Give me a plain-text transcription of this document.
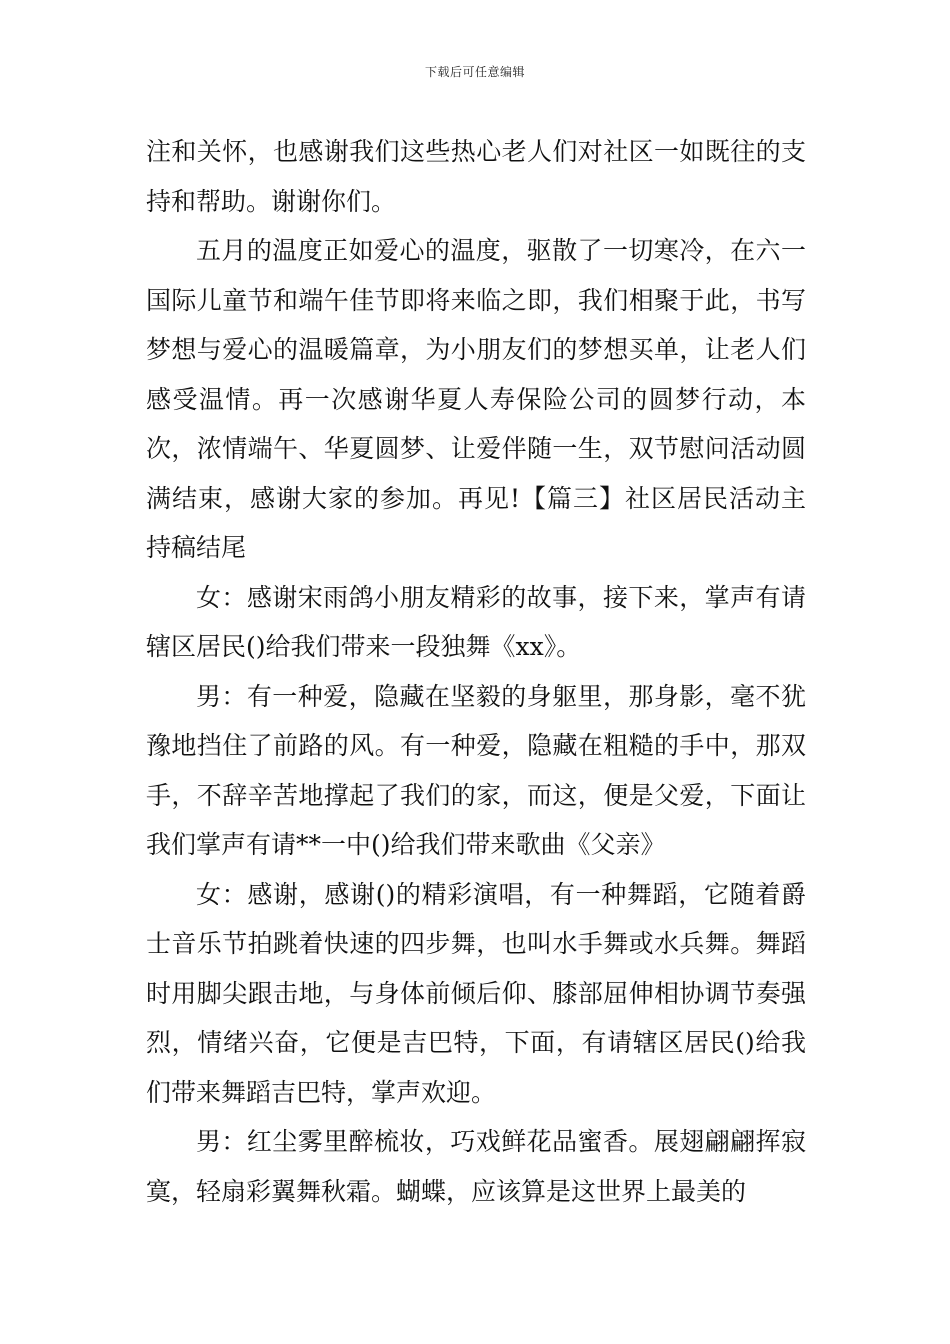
下载后可任意编辑

注和关怀，也感谢我们这些热心老人们对社区一如既往的支持和帮助。谢谢你们。

五月的温度正如爱心的温度，驱散了一切寒冷，在六一国际儿童节和端午佳节即将来临之即，我们相聚于此，书写梦想与爱心的温暖篇章，为小朋友们的梦想买单，让老人们感受温情。再一次感谢华夏人寿保险公司的圆梦行动，本次，浓情端午、华夏圆梦、让爱伴随一生，双节慰问活动圆满结束，感谢大家的参加。再见!【篇三】社区居民活动主持稿结尾

女：感谢宋雨鸽小朋友精彩的故事，接下来，掌声有请辖区居民()给我们带来一段独舞《xx》。

男：有一种爱，隐藏在坚毅的身躯里，那身影，毫不犹豫地挡住了前路的风。有一种爱，隐藏在粗糙的手中，那双手，不辞辛苦地撑起了我们的家，而这，便是父爱，下面让我们掌声有请**一中()给我们带来歌曲《父亲》

女：感谢，感谢()的精彩演唱，有一种舞蹈，它随着爵士音乐节拍跳着快速的四步舞，也叫水手舞或水兵舞。舞蹈时用脚尖跟击地，与身体前倾后仰、膝部屈伸相协调节奏强烈，情绪兴奋，它便是吉巴特，下面，有请辖区居民()给我们带来舞蹈吉巴特，掌声欢迎。

男：红尘雾里醉梳妆，巧戏鲜花品蜜香。展翅翩翩挥寂寞，轻扇彩翼舞秋霜。蝴蝶，应该算是这世界上最美的
